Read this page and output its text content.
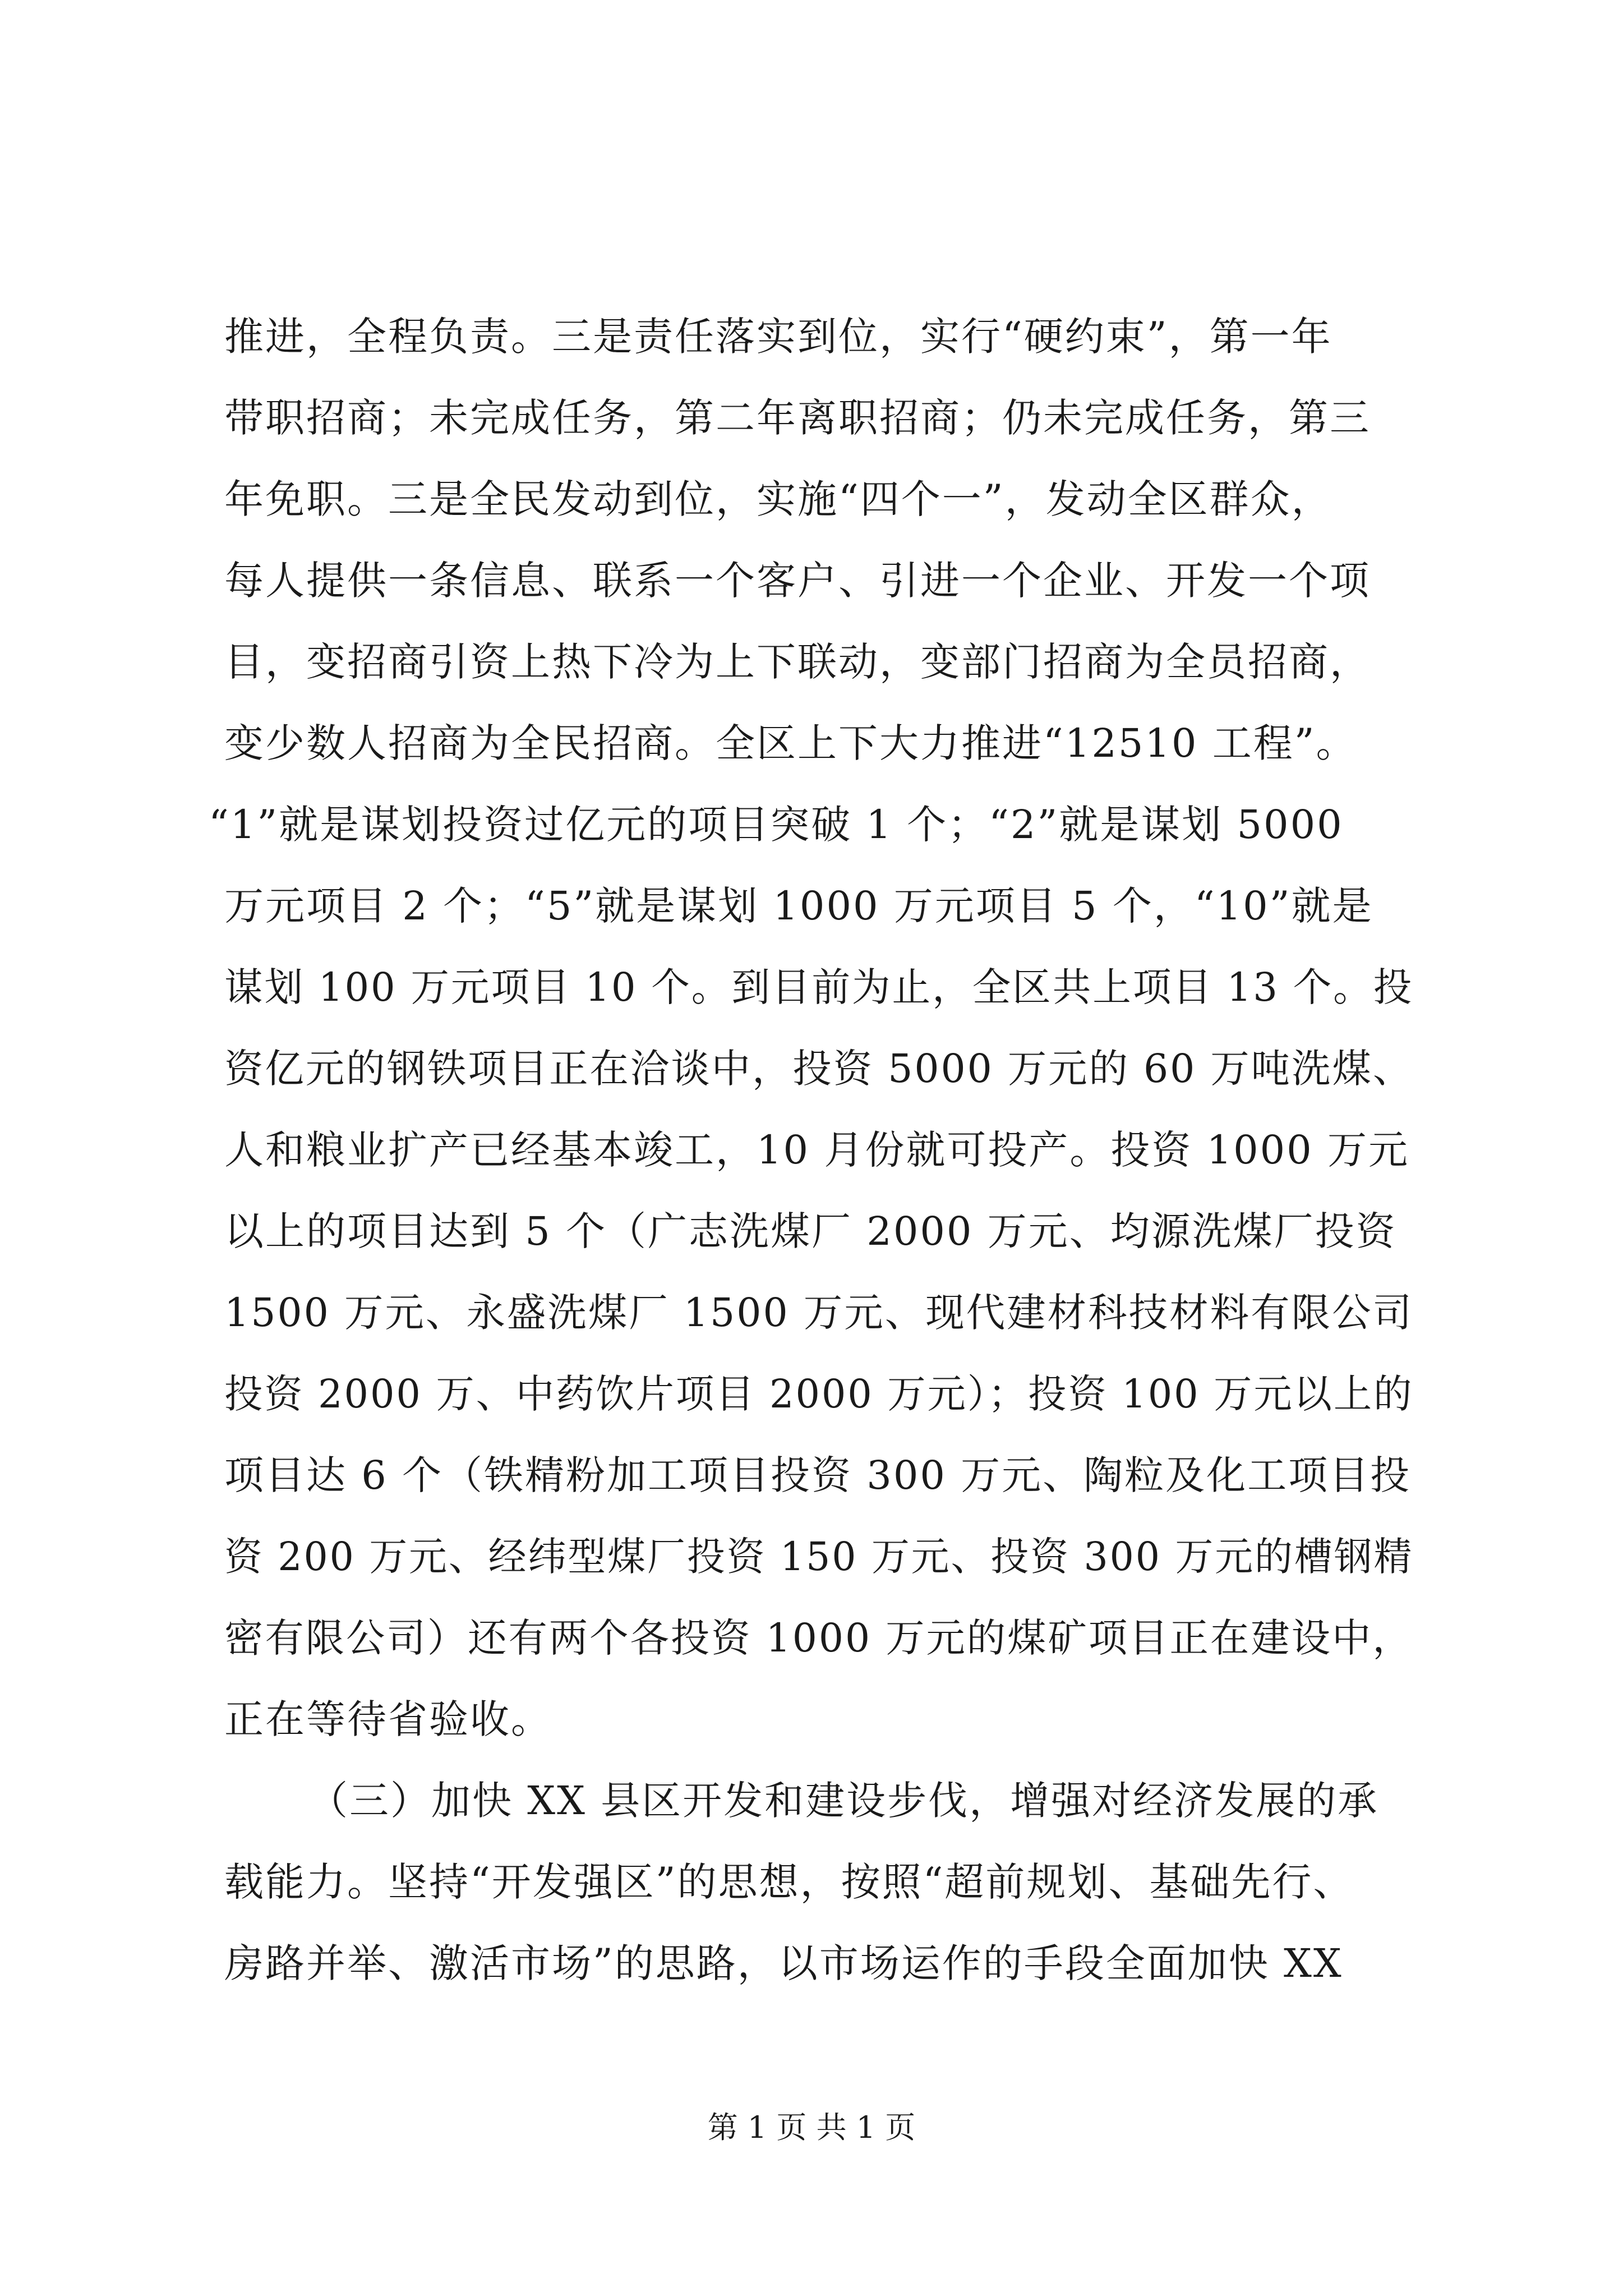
推进，全程负责。三是责任落实到位，实行“硬约束”，第一年
带职招商；未完成任务，第二年离职招商；仍未完成任务，第三
年免职。三是全民发动到位，实施“四个一”，发动全区群众，
每人提供一条信息、联系一个客户、引进一个企业、开发一个项
目，变招商引资上热下冷为上下联动，变部门招商为全员招商，
变少数人招商为全民招商。全区上下大力推进“12510 工程”。
“1”就是谋划投资过亿元的项目突破 1 个；“2”就是谋划 5000
万元项目 2 个；“5”就是谋划 1000 万元项目 5 个，“10”就是
谋划 100 万元项目 10 个。到目前为止，全区共上项目 13 个。投
资亿元的钢铁项目正在洽谈中，投资 5000 万元的 60 万吨洗煤、
人和粮业扩产已经基本竣工，10 月份就可投产。投资 1000 万元
以上的项目达到 5 个（广志洗煤厂 2000 万元、均源洗煤厂投资
1500 万元、永盛洗煤厂 1500 万元、现代建材科技材料有限公司
投资 2000 万、中药饮片项目 2000 万元）；投资 100 万元以上的
项目达 6 个（铁精粉加工项目投资 300 万元、陶粒及化工项目投
资 200 万元、经纬型煤厂投资 150 万元、投资 300 万元的槽钢精
密有限公司）还有两个各投资 1000 万元的煤矿项目正在建设中，
正在等待省验收。
（三）加快 XX 县区开发和建设步伐，增强对经济发展的承
载能力。坚持“开发强区”的思想，按照“超前规划、基础先行、
房路并举、激活市场”的思路，以市场运作的手段全面加快 XX
第 1 页 共 1 页
